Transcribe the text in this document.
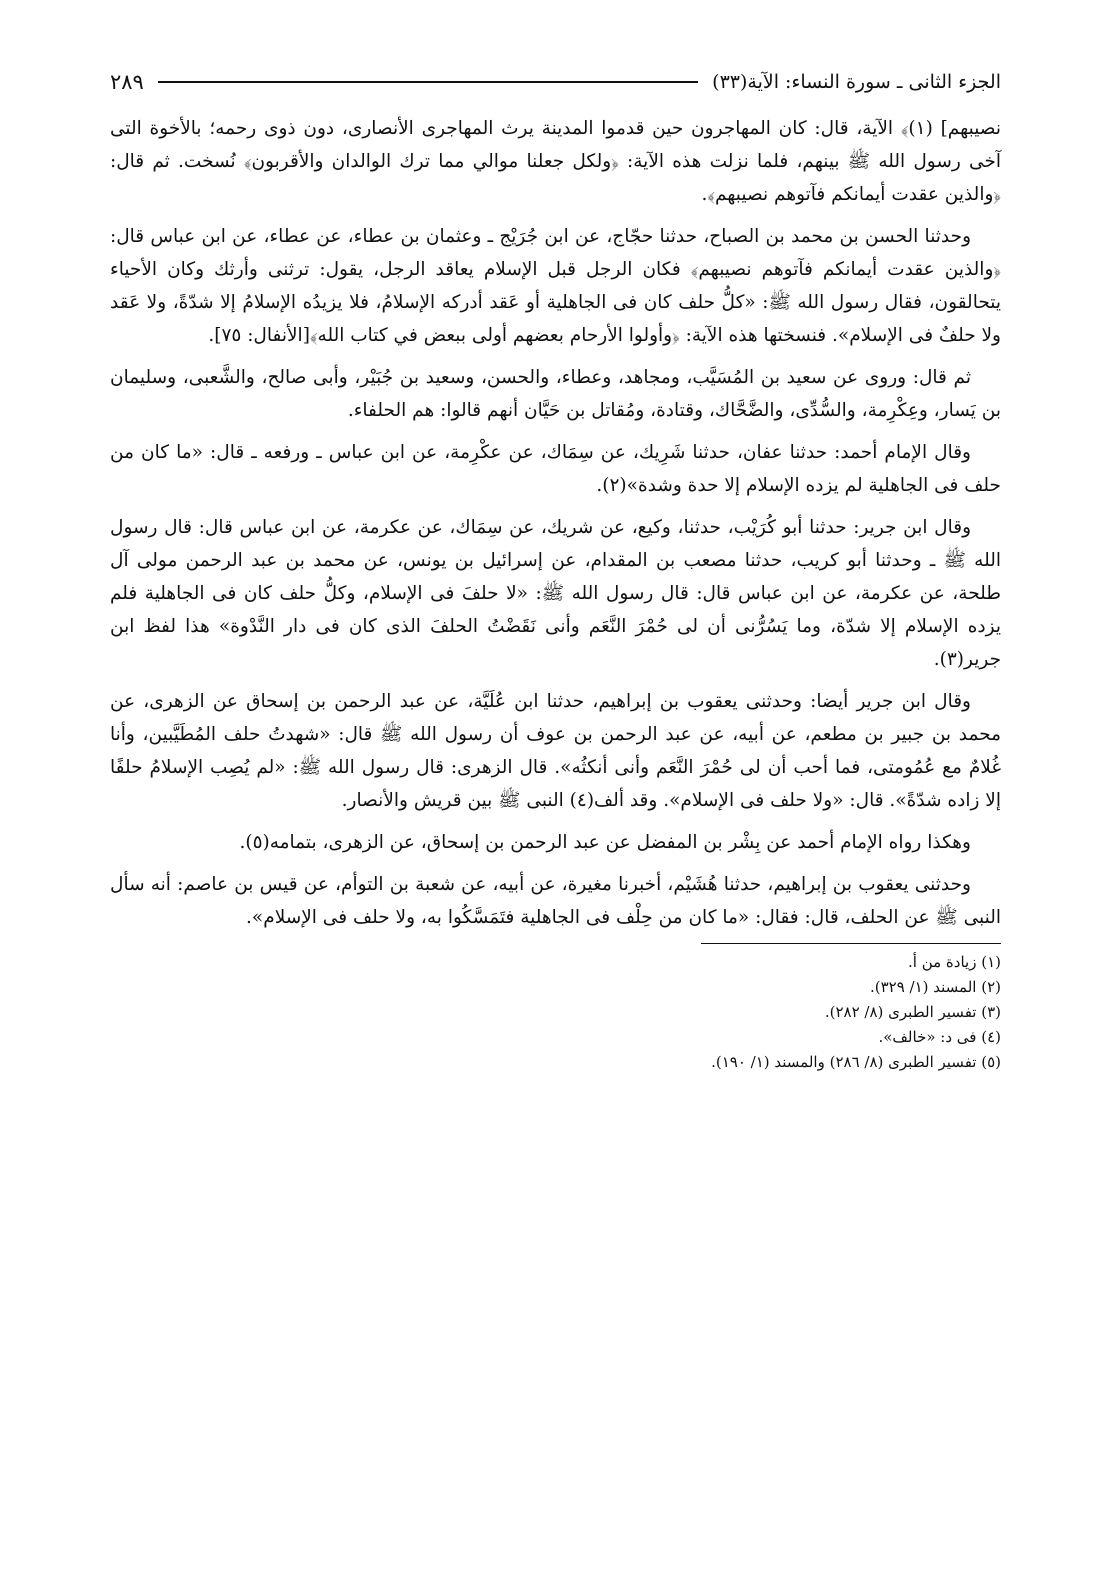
الجزء الثانى ـ سورة النساء: الآية(٣٣)
٢٨٩

نصيبهم] (١)﴾ الآية، قال: كان المهاجرون حين قدموا المدينة يرث المهاجرى الأنصارى، دون ذوى رحمه؛ بالأخوة التى آخى رسول الله ﷺ بينهم، فلما نزلت هذه الآية: ﴿ولكل جعلنا موالي مما ترك الوالدان والأقربون﴾ نُسخت. ثم قال: ﴿والذين عقدت أيمانكم فآتوهم نصيبهم﴾.

وحدثنا الحسن بن محمد بن الصباح، حدثنا حجّاج، عن ابن جُرَيْج ـ وعثمان بن عطاء، عن عطاء، عن ابن عباس قال: ﴿والذين عقدت أيمانكم فآتوهم نصيبهم﴾ فكان الرجل قبل الإسلام يعاقد الرجل، يقول: ترثنى وأرثك وكان الأحياء يتحالقون، فقال رسول الله ﷺ: «كلُّ حلف كان فى الجاهلية أو عَقد أدركه الإسلامُ، فلا يزيدُه الإسلامُ إلا شدّةً، ولا عَقد ولا حلفٌ فى الإسلام». فنسختها هذه الآية: ﴿وأولوا الأرحام بعضهم أولى ببعض في كتاب الله﴾[الأنفال: ٧٥].

ثم قال: وروى عن سعيد بن المُسَيَّب، ومجاهد، وعطاء، والحسن، وسعيد بن جُبَيْر، وأبى صالح، والشَّعبى، وسليمان بن يَسار، وعِكْرِمة، والسُّدِّى، والضَّحَّاك، وقتادة، ومُقاتل بن حَيَّان أنهم قالوا: هم الحلفاء.

وقال الإمام أحمد: حدثنا عفان، حدثنا شَرِيك، عن سِمَاك، عن عكْرِمة، عن ابن عباس ـ ورفعه ـ قال: «ما كان من حلف فى الجاهلية لم يزده الإسلام إلا حدة وشدة»(٢).

وقال ابن جرير: حدثنا أبو كُرَيْب، حدثنا، وكيع، عن شريك، عن سِمَاك، عن عكرمة، عن ابن عباس قال: قال رسول الله ﷺ ـ وحدثنا أبو كريب، حدثنا مصعب بن المقدام، عن إسرائيل بن يونس، عن محمد بن عبد الرحمن مولى آل طلحة، عن عكرمة، عن ابن عباس قال: قال رسول الله ﷺ: «لا حلفَ فى الإسلام، وكلُّ حلف كان فى الجاهلية فلم يزده الإسلام إلا شدّة، وما يَسُرُّنى أن لى حُمْرَ النَّعَم وأنى نَقَضْتُ الحلفَ الذى كان فى دار النَّدْوة» هذا لفظ ابن جرير(٣).

وقال ابن جرير أيضا: وحدثنى يعقوب بن إبراهيم، حدثنا ابن عُلَيَّة، عن عبد الرحمن بن إسحاق عن الزهرى، عن محمد بن جبير بن مطعم، عن أبيه، عن عبد الرحمن بن عوف أن رسول الله ﷺ قال: «شهدتُ حلف المُطَيَّبين، وأنا غُلامٌ مع عُمُومتى، فما أحب أن لى حُمْرَ النَّعَم وأنى أنكثُه». قال الزهرى: قال رسول الله ﷺ: «لم يُصِب الإسلامُ حلفًا إلا زاده شدّةً». قال: «ولا حلف فى الإسلام». وقد ألف(٤) النبى ﷺ بين قريش والأنصار.

وهكذا رواه الإمام أحمد عن بِشْر بن المفضل عن عبد الرحمن بن إسحاق، عن الزهرى، بتمامه(٥).

وحدثنى يعقوب بن إبراهيم، حدثنا هُشَيْم، أخبرنا مغيرة، عن أبيه، عن شعبة بن التوأم، عن قيس بن عاصم: أنه سأل النبى ﷺ عن الحلف، قال: فقال: «ما كان من حِلْف فى الجاهلية فتَمَسَّكُوا به، ولا حلف فى الإسلام».

(١) زيادة من أ.
(٢) المسند (١/ ٣٢٩).
(٣) تفسير الطبرى (٨/ ٢٨٢).
(٤) فى د: «خالف».
(٥) تفسير الطبرى (٨/ ٢٨٦) والمسند (١/ ١٩٠).
